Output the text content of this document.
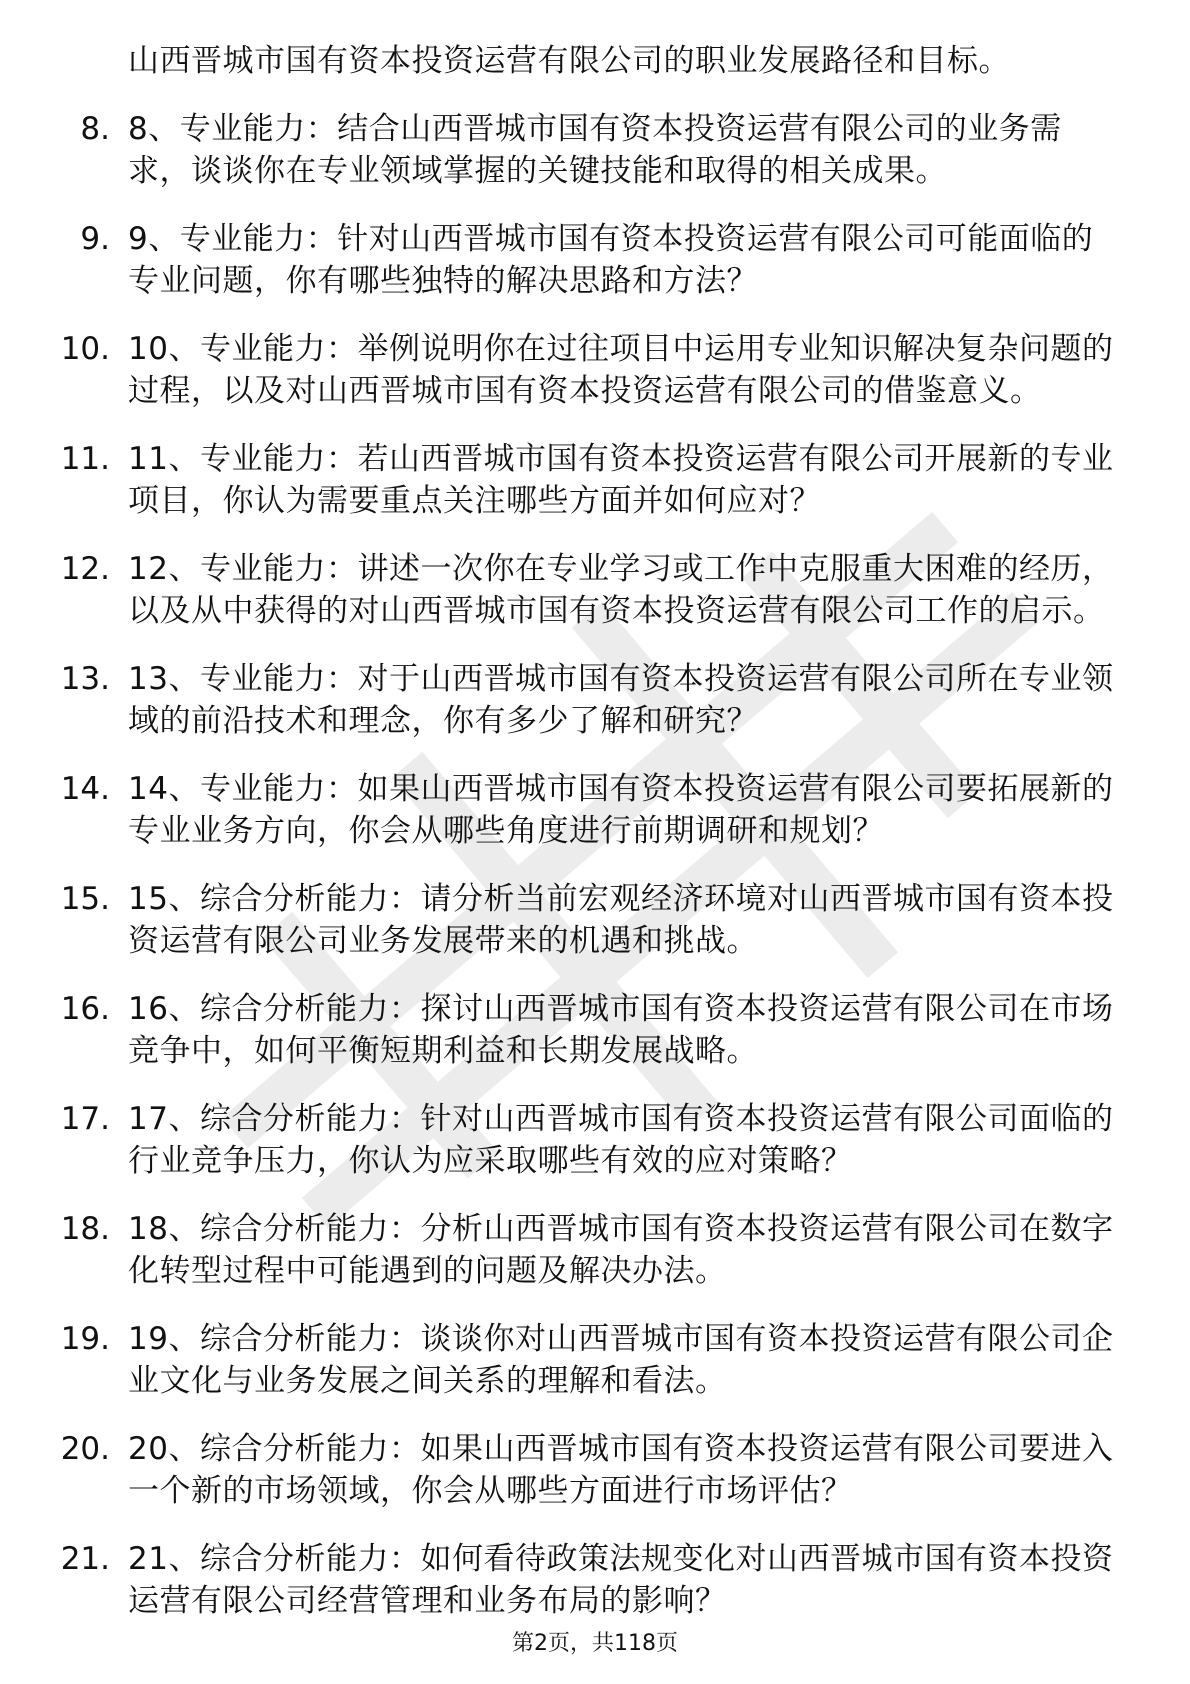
山西晋城市国有资本投资运营有限公司的职业发展路径和目标。
8. 8、专业能力：结合山西晋城市国有资本投资运营有限公司的业务需求，谈谈你在专业领域掌握的关键技能和取得的相关成果。
9. 9、专业能力：针对山西晋城市国有资本投资运营有限公司可能面临的专业问题，你有哪些独特的解决思路和方法？
10. 10、专业能力：举例说明你在过往项目中运用专业知识解决复杂问题的过程，以及对山西晋城市国有资本投资运营有限公司的借鉴意义。
11. 11、专业能力：若山西晋城市国有资本投资运营有限公司开展新的专业项目，你认为需要重点关注哪些方面并如何应对？
12. 12、专业能力：讲述一次你在专业学习或工作中克服重大困难的经历，以及从中获得的对山西晋城市国有资本投资运营有限公司工作的启示。
13. 13、专业能力：对于山西晋城市国有资本投资运营有限公司所在专业领域的前沿技术和理念，你有多少了解和研究？
14. 14、专业能力：如果山西晋城市国有资本投资运营有限公司要拓展新的专业业务方向，你会从哪些角度进行前期调研和规划？
15. 15、综合分析能力：请分析当前宏观经济环境对山西晋城市国有资本投资运营有限公司业务发展带来的机遇和挑战。
16. 16、综合分析能力：探讨山西晋城市国有资本投资运营有限公司在市场竞争中，如何平衡短期利益和长期发展战略。
17. 17、综合分析能力：针对山西晋城市国有资本投资运营有限公司面临的行业竞争压力，你认为应采取哪些有效的应对策略？
18. 18、综合分析能力：分析山西晋城市国有资本投资运营有限公司在数字化转型过程中可能遇到的问题及解决办法。
19. 19、综合分析能力：谈谈你对山西晋城市国有资本投资运营有限公司企业文化与业务发展之间关系的理解和看法。
20. 20、综合分析能力：如果山西晋城市国有资本投资运营有限公司要进入一个新的市场领域，你会从哪些方面进行市场评估？
21. 21、综合分析能力：如何看待政策法规变化对山西晋城市国有资本投资运营有限公司经营管理和业务布局的影响？
第2页，共118页
